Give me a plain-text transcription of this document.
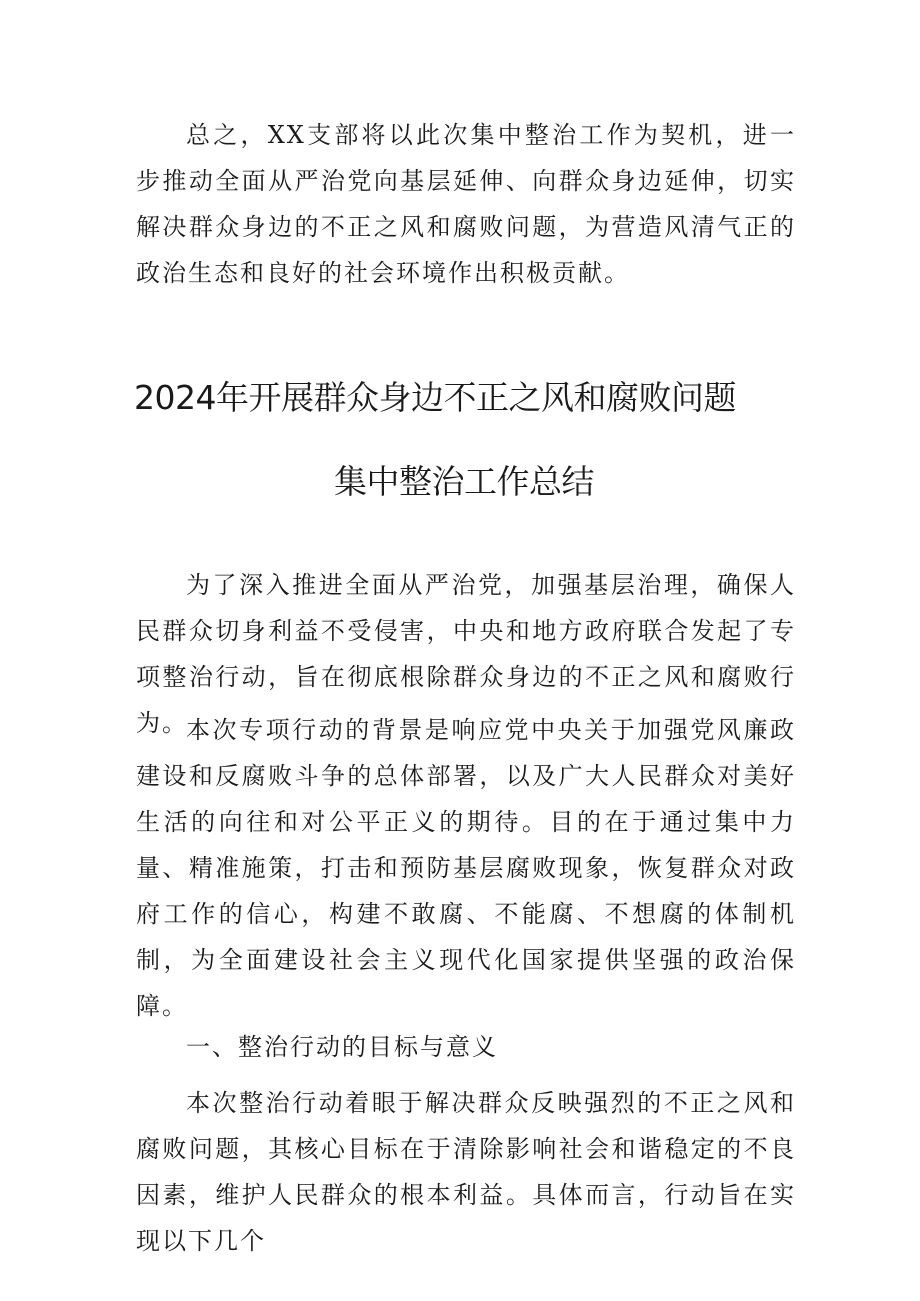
总之，XX支部将以此次集中整治工作为契机，进一步推动全面从严治党向基层延伸、向群众身边延伸，切实解决群众身边的不正之风和腐败问题，为营造风清气正的政治生态和良好的社会环境作出积极贡献。

2024年开展群众身边不正之风和腐败问题
集中整治工作总结

为了深入推进全面从严治党，加强基层治理，确保人民群众切身利益不受侵害，中央和地方政府联合发起了专项整治行动，旨在彻底根除群众身边的不正之风和腐败行为。

本次专项行动的背景是响应党中央关于加强党风廉政建设和反腐败斗争的总体部署，以及广大人民群众对美好生活的向往和对公平正义的期待。目的在于通过集中力量、精准施策，打击和预防基层腐败现象，恢复群众对政府工作的信心，构建不敢腐、不能腐、不想腐的体制机制，为全面建设社会主义现代化国家提供坚强的政治保障。

一、整治行动的目标与意义

本次整治行动着眼于解决群众反映强烈的不正之风和腐败问题，其核心目标在于清除影响社会和谐稳定的不良因素，维护人民群众的根本利益。具体而言，行动旨在实现以下几个
